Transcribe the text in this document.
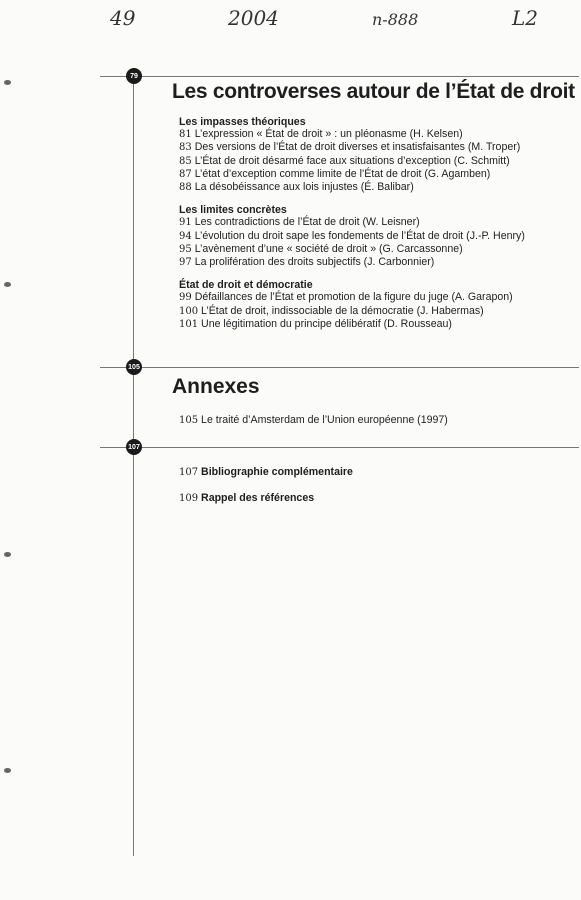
49	2004	n-888	L2
79
Les controverses autour de l’État de droit
Les impasses théoriques
81 L’expression « État de droit » : un pléonasme (H. Kelsen)
83 Des versions de l’État de droit diverses et insatisfaisantes (M. Troper)
85 L’État de droit désarmé face aux situations d’exception (C. Schmitt)
87 L’état d’exception comme limite de l’État de droit (G. Agamben)
88 La désobéissance aux lois injustes (É. Balibar)
Les limites concrètes
91 Les contradictions de l’État de droit (W. Leisner)
94 L’évolution du droit sape les fondements de l’État de droit (J.-P. Henry)
95 L’avènement d’une « société de droit » (G. Carcassonne)
97 La prolifération des droits subjectifs (J. Carbonnier)
État de droit et démocratie
99 Défaillances de l’État et promotion de la figure du juge (A. Garapon)
100 L’État de droit, indissociable de la démocratie (J. Habermas)
101 Une légitimation du principe délibératif (D. Rousseau)
105
Annexes
105 Le traité d’Amsterdam de l’Union européenne (1997)
107
107 Bibliographie complémentaire
109 Rappel des références
